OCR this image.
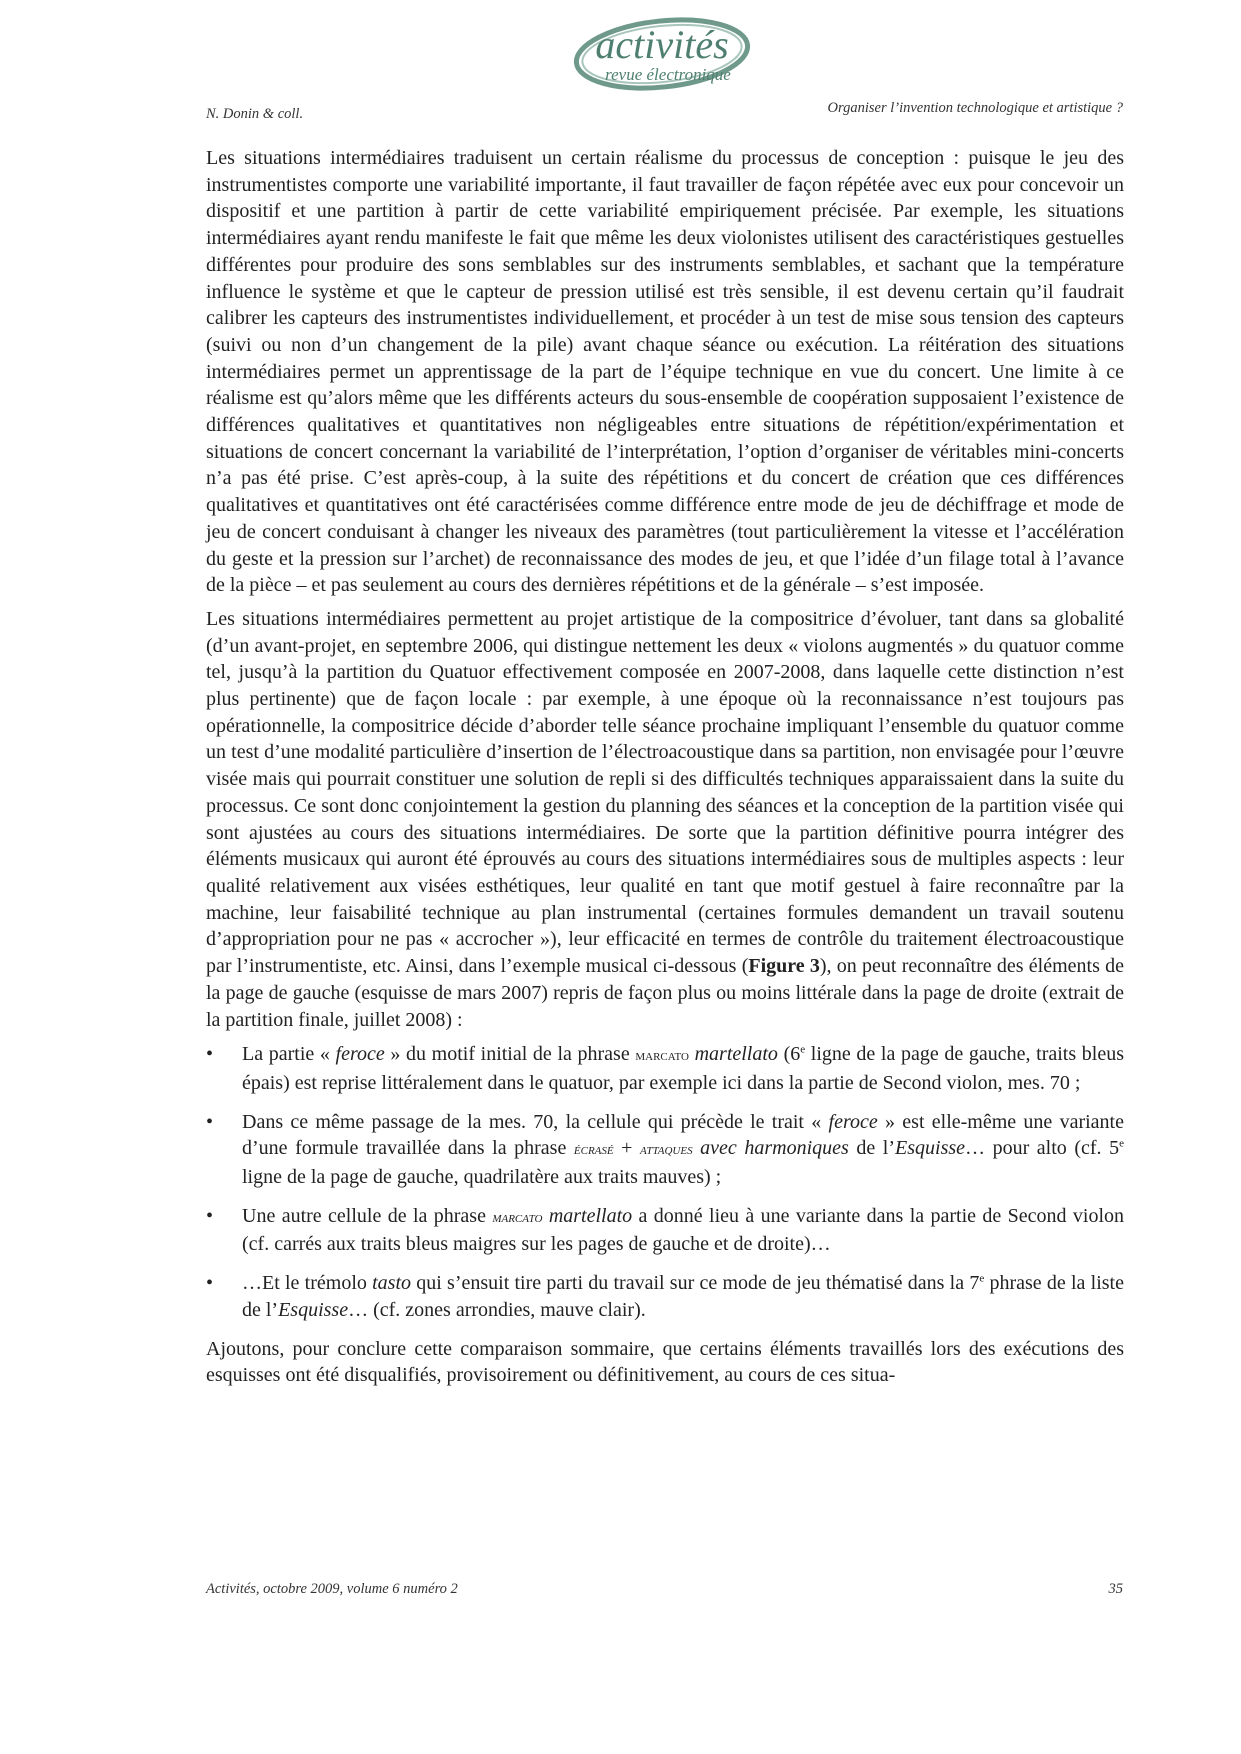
activités
revue électronique
N. Donin & coll.	Organiser l’invention technologique et artistique ?

Les situations intermédiaires traduisent un certain réalisme du processus de conception : puisque le jeu des instrumentistes comporte une variabilité importante, il faut travailler de façon répétée avec eux pour concevoir un dispositif et une partition à partir de cette variabilité empiriquement précisée. Par exemple, les situations intermédiaires ayant rendu manifeste le fait que même les deux violonistes utilisent des caractéristiques gestuelles différentes pour produire des sons semblables sur des instruments semblables, et sachant que la température influence le système et que le capteur de pression utilisé est très sensible, il est devenu certain qu’il faudrait calibrer les capteurs des instrumentistes individuellement, et procéder à un test de mise sous tension des capteurs (suivi ou non d’un changement de la pile) avant chaque séance ou exécution. La réitération des situations intermédiaires permet un apprentissage de la part de l’équipe technique en vue du concert. Une limite à ce réalisme est qu’alors même que les différents acteurs du sous-ensemble de coopération supposaient l’existence de différences qualitatives et quantitatives non négligeables entre situations de répétition/expérimentation et situations de concert concernant la variabilité de l’interprétation, l’option d’organiser de véritables mini-concerts n’a pas été prise. C’est après-coup, à la suite des répétitions et du concert de création que ces différences qualitatives et quantitatives ont été caractérisées comme différence entre mode de jeu de déchiffrage et mode de jeu de concert conduisant à changer les niveaux des paramètres (tout particulièrement la vitesse et l’accélération du geste et la pression sur l’archet) de reconnaissance des modes de jeu, et que l’idée d’un filage total à l’avance de la pièce – et pas seulement au cours des dernières répétitions et de la générale – s’est imposée.

Les situations intermédiaires permettent au projet artistique de la compositrice d’évoluer, tant dans sa globalité (d’un avant-projet, en septembre 2006, qui distingue nettement les deux « violons augmentés » du quatuor comme tel, jusqu’à la partition du Quatuor effectivement composée en 2007-2008, dans laquelle cette distinction n’est plus pertinente) que de façon locale : par exemple, à une époque où la reconnaissance n’est toujours pas opérationnelle, la compositrice décide d’aborder telle séance prochaine impliquant l’ensemble du quatuor comme un test d’une modalité particulière d’insertion de l’électroacoustique dans sa partition, non envisagée pour l’œuvre visée mais qui pourrait constituer une solution de repli si des difficultés techniques apparaissaient dans la suite du processus. Ce sont donc conjointement la gestion du planning des séances et la conception de la partition visée qui sont ajustées au cours des situations intermédiaires. De sorte que la partition définitive pourra intégrer des éléments musicaux qui auront été éprouvés au cours des situations intermédiaires sous de multiples aspects : leur qualité relativement aux visées esthétiques, leur qualité en tant que motif gestuel à faire reconnaître par la machine, leur faisabilité technique au plan instrumental (certaines formules demandent un travail soutenu d’appropriation pour ne pas « accrocher »), leur efficacité en termes de contrôle du traitement électroacoustique par l’instrumentiste, etc. Ainsi, dans l’exemple musical ci-dessous (Figure 3), on peut reconnaître des éléments de la page de gauche (esquisse de mars 2007) repris de façon plus ou moins littérale dans la page de droite (extrait de la partition finale, juillet 2008) :

• La partie « feroce » du motif initial de la phrase marcato martellato (6e ligne de la page de gauche, traits bleus épais) est reprise littéralement dans le quatuor, par exemple ici dans la partie de Second violon, mes. 70 ;
• Dans ce même passage de la mes. 70, la cellule qui précède le trait « feroce » est elle-même une variante d’une formule travaillée dans la phrase écrasé + attaques avec harmoniques de l’Esquisse… pour alto (cf. 5e ligne de la page de gauche, quadrilatère aux traits mauves) ;
• Une autre cellule de la phrase marcato martellato a donné lieu à une variante dans la partie de Second violon (cf. carrés aux traits bleus maigres sur les pages de gauche et de droite)…
• …Et le trémolo tasto qui s’ensuit tire parti du travail sur ce mode de jeu thématisé dans la 7e phrase de la liste de l’Esquisse… (cf. zones arrondies, mauve clair).

Ajoutons, pour conclure cette comparaison sommaire, que certains éléments travaillés lors des exécutions des esquisses ont été disqualifiés, provisoirement ou définitivement, au cours de ces situa-

Activités, octobre 2009, volume 6 numéro 2	35
